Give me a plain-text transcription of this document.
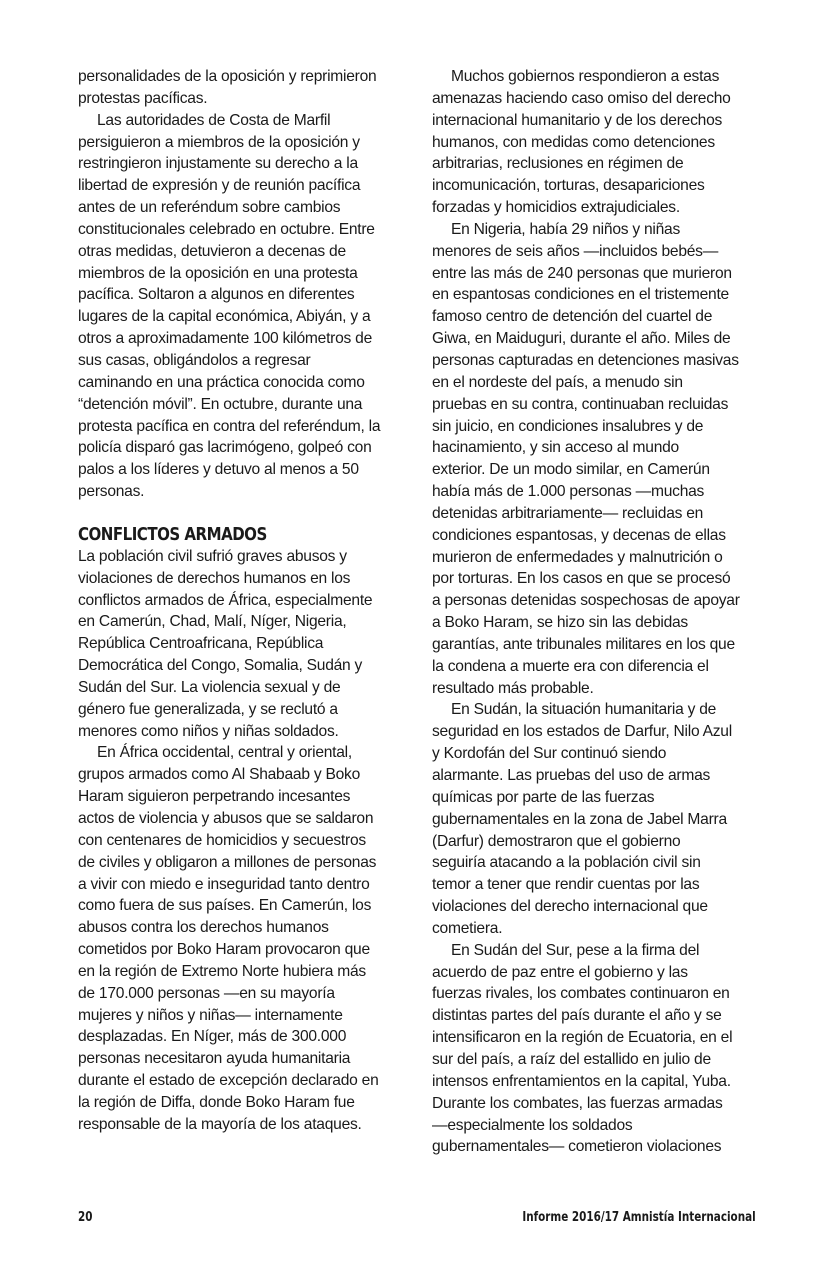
personalidades de la oposición y reprimieron
protestas pacíficas.
Las autoridades de Costa de Marfil
persiguieron a miembros de la oposición y
restringieron injustamente su derecho a la
libertad de expresión y de reunión pacífica
antes de un referéndum sobre cambios
constitucionales celebrado en octubre. Entre
otras medidas, detuvieron a decenas de
miembros de la oposición en una protesta
pacífica. Soltaron a algunos en diferentes
lugares de la capital económica, Abiyán, y a
otros a aproximadamente 100 kilómetros de
sus casas, obligándolos a regresar
caminando en una práctica conocida como
“detención móvil”. En octubre, durante una
protesta pacífica en contra del referéndum, la
policía disparó gas lacrimógeno, golpeó con
palos a los líderes y detuvo al menos a 50
personas.
CONFLICTOS ARMADOS
La población civil sufrió graves abusos y
violaciones de derechos humanos en los
conflictos armados de África, especialmente
en Camerún, Chad, Malí, Níger, Nigeria,
República Centroafricana, República
Democrática del Congo, Somalia, Sudán y
Sudán del Sur. La violencia sexual y de
género fue generalizada, y se reclutó a
menores como niños y niñas soldados.
En África occidental, central y oriental,
grupos armados como Al Shabaab y Boko
Haram siguieron perpetrando incesantes
actos de violencia y abusos que se saldaron
con centenares de homicidios y secuestros
de civiles y obligaron a millones de personas
a vivir con miedo e inseguridad tanto dentro
como fuera de sus países. En Camerún, los
abusos contra los derechos humanos
cometidos por Boko Haram provocaron que
en la región de Extremo Norte hubiera más
de 170.000 personas —en su mayoría
mujeres y niños y niñas— internamente
desplazadas. En Níger, más de 300.000
personas necesitaron ayuda humanitaria
durante el estado de excepción declarado en
la región de Diffa, donde Boko Haram fue
responsable de la mayoría de los ataques.
Muchos gobiernos respondieron a estas
amenazas haciendo caso omiso del derecho
internacional humanitario y de los derechos
humanos, con medidas como detenciones
arbitrarias, reclusiones en régimen de
incomunicación, torturas, desapariciones
forzadas y homicidios extrajudiciales.
En Nigeria, había 29 niños y niñas
menores de seis años —incluidos bebés—
entre las más de 240 personas que murieron
en espantosas condiciones en el tristemente
famoso centro de detención del cuartel de
Giwa, en Maiduguri, durante el año. Miles de
personas capturadas en detenciones masivas
en el nordeste del país, a menudo sin
pruebas en su contra, continuaban recluidas
sin juicio, en condiciones insalubres y de
hacinamiento, y sin acceso al mundo
exterior. De un modo similar, en Camerún
había más de 1.000 personas —muchas
detenidas arbitrariamente— recluidas en
condiciones espantosas, y decenas de ellas
murieron de enfermedades y malnutrición o
por torturas. En los casos en que se procesó
a personas detenidas sospechosas de apoyar
a Boko Haram, se hizo sin las debidas
garantías, ante tribunales militares en los que
la condena a muerte era con diferencia el
resultado más probable.
En Sudán, la situación humanitaria y de
seguridad en los estados de Darfur, Nilo Azul
y Kordofán del Sur continuó siendo
alarmante. Las pruebas del uso de armas
químicas por parte de las fuerzas
gubernamentales en la zona de Jabel Marra
(Darfur) demostraron que el gobierno
seguiría atacando a la población civil sin
temor a tener que rendir cuentas por las
violaciones del derecho internacional que
cometiera.
En Sudán del Sur, pese a la firma del
acuerdo de paz entre el gobierno y las
fuerzas rivales, los combates continuaron en
distintas partes del país durante el año y se
intensificaron en la región de Ecuatoria, en el
sur del país, a raíz del estallido en julio de
intensos enfrentamientos en la capital, Yuba.
Durante los combates, las fuerzas armadas
—especialmente los soldados
gubernamentales— cometieron violaciones
20	Informe 2016/17 Amnistía Internacional
